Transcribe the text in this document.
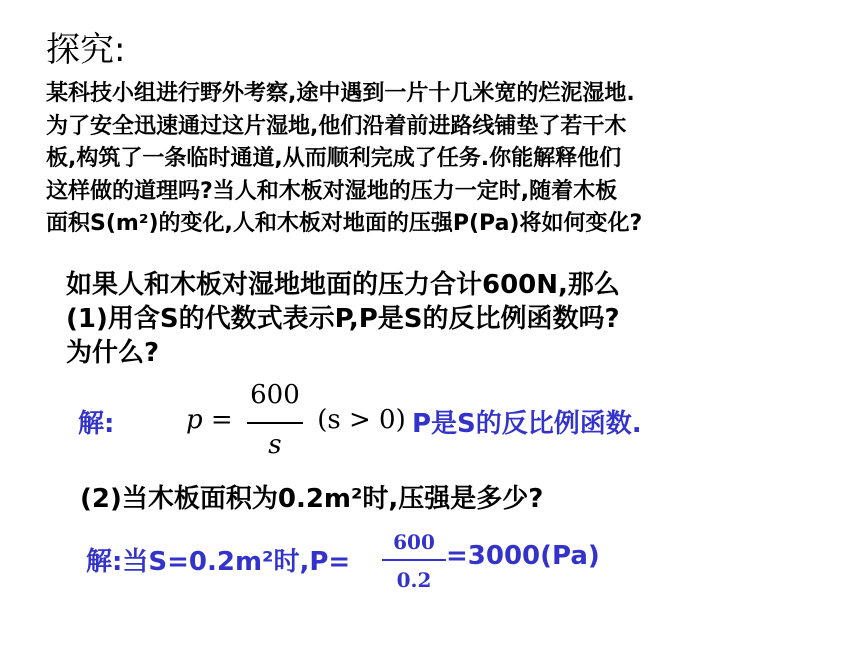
探究:
某科技小组进行野外考察,途中遇到一片十几米宽的烂泥湿地.
为了安全迅速通过这片湿地,他们沿着前进路线铺垫了若干木
板,构筑了一条临时通道,从而顺利完成了任务.你能解释他们
这样做的道理吗?当人和木板对湿地的压力一定时,随着木板
面积S(m²)的变化,人和木板对地面的压强P(Pa)将如何变化?
如果人和木板对湿地地面的压力合计600N,那么
(1)用含S的代数式表示P,P是S的反比例函数吗?
为什么?
解:	$p = \frac{600}{s} (s > 0)$ P是S的反比例函数.
(2)当木板面积为0.2m²时,压强是多少?
解:当S=0.2m²时,P=
600
0.2
=3000(Pa)
